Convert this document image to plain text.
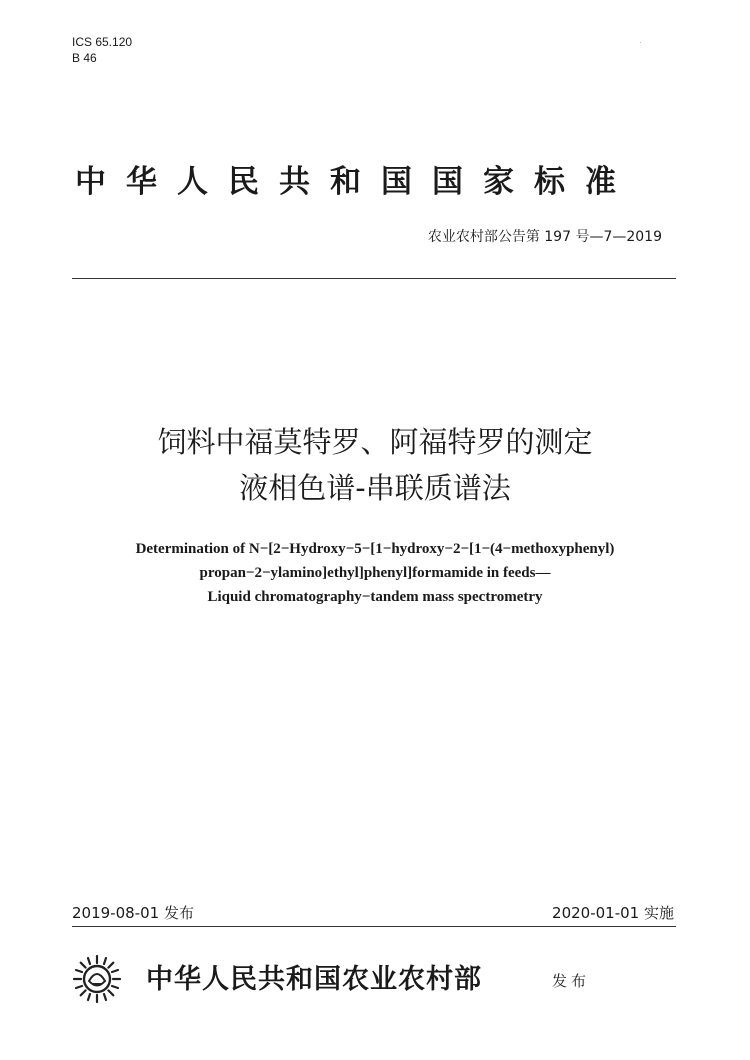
ICS 65.120
B 46
中华人民共和国国家标准
农业农村部公告第 197 号—7—2019
饲料中福莫特罗、阿福特罗的测定
液相色谱-串联质谱法
Determination of N−[2−Hydroxy−5−[1−hydroxy−2−[1−(4−methoxyphenyl)
propan−2−ylamino]ethyl]phenyl]formamide in feeds—
Liquid chromatography−tandem mass spectrometry
2019-08-01 发布	2020-01-01 实施
中华人民共和国农业农村部	发布
